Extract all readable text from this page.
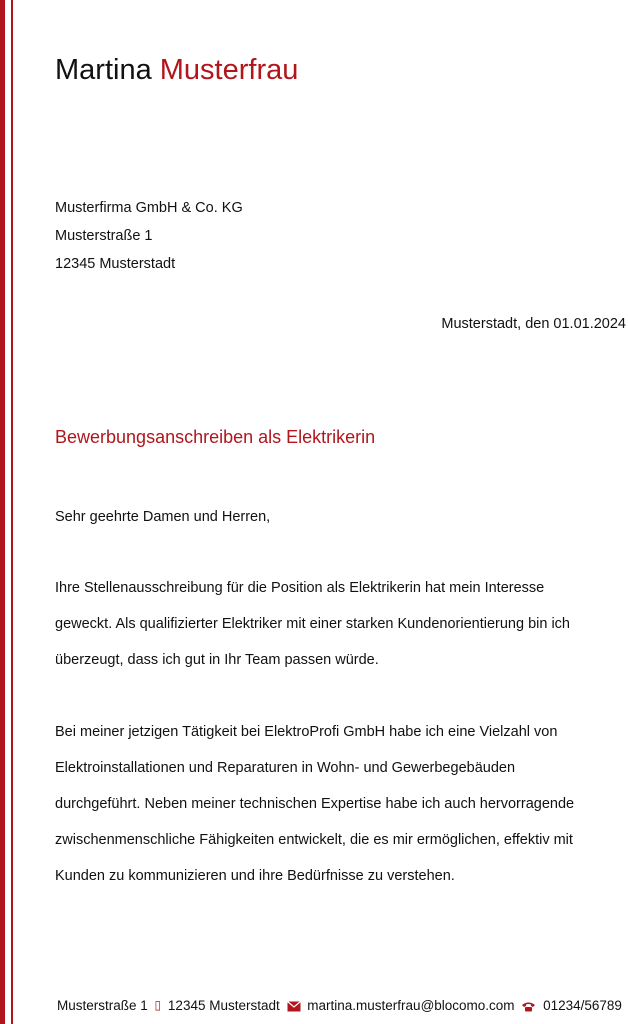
Martina Musterfrau
Musterfirma GmbH & Co. KG
Musterstraße 1
12345 Musterstadt
Musterstadt, den 01.01.2024
Bewerbungsanschreiben als Elektrikerin
Sehr geehrte Damen und Herren,
Ihre Stellenausschreibung für die Position als Elektrikerin hat mein Interesse
geweckt. Als qualifizierter Elektriker mit einer starken Kundenorientierung bin ich
überzeugt, dass ich gut in Ihr Team passen würde.
Bei meiner jetzigen Tätigkeit bei ElektroProfi GmbH habe ich eine Vielzahl von
Elektroinstallationen und Reparaturen in Wohn- und Gewerbegebäuden
durchgeführt. Neben meiner technischen Expertise habe ich auch hervorragende
zwischenmenschliche Fähigkeiten entwickelt, die es mir ermöglichen, effektiv mit
Kunden zu kommunizieren und ihre Bedürfnisse zu verstehen.
Musterstraße 1 ▯ 12345 Musterstadt martina.musterfrau@blocomo.com 01234/56789
